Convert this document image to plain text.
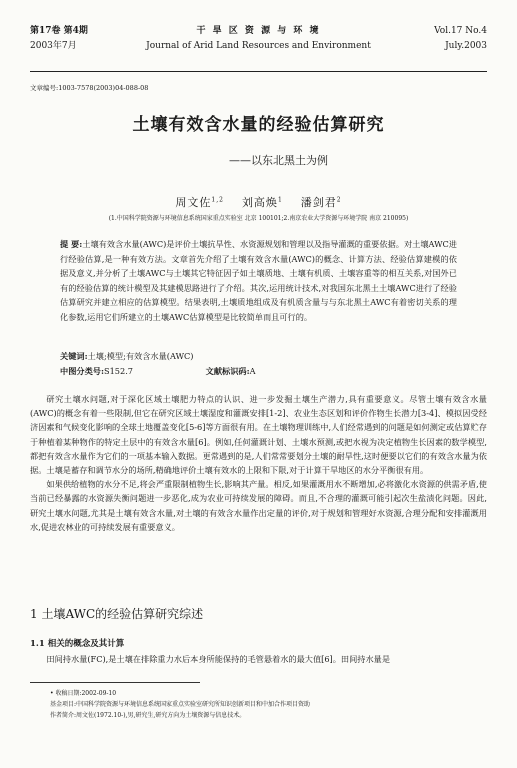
第17卷 第4期
2003年7月
干 旱 区 资 源 与 环 境
Journal of Arid Land Resources and Environment
Vol.17 No.4
July.2003
文章编号:1003-7578(2003)04-088-08
土壤有效含水量的经验估算研究
——以东北黑土为例
周文佐$^{1,2}$ 刘高焕$^1$ 潘剑君$^2$
(1.中国科学院资源与环境信息系统国家重点实验室 北京 100101;2.南京农业大学资源与环境学院 南京 210095)
提 要:土壤有效含水量(AWC)是评价土壤抗旱性、水资源规划和管理以及指导灌溉的重要依据。对土壤AWC进行经验估算,是一种有效方法。文章首先介绍了土壤有效含水量(AWC)的概念、计算方法、经验估算建模的依据及意义,并分析了土壤AWC与土壤其它特征因子如土壤质地、土壤有机质、土壤容重等的相互关系,对国外已有的经验估算的统计模型及其建模思路进行了介绍。其次,运用统计技术,对我国东北黑土土壤AWC进行了经验估算研究并建立相应的估算模型。结果表明,土壤质地组成及有机质含量与与东北黑土AWC有着密切关系的理化参数,运用它们所建立的土壤AWC估算模型是比较简单而且可行的。
关键词:土壤;模型;有效含水量(AWC)
中图分类号:S152.7	文献标识码:A

研究土壤水问题,对于深化区域土壤肥力特点的认识、进一步发掘土壤生产潜力,具有重要意义。尽管土壤有效含水量(AWC)的概念有着一些限制,但它在研究区域土壤湿度和灌溉安排[1-2]、农业生态区划和评价作物生长潜力[3-4]、模拟因受经济因素和气候变化影响的全球土地覆盖变化[5-6]等方面很有用。在土壤物理训练中,人们经常遇到的问题是如何测定或估算贮存于种植着某种物作的特定土层中的有效含水量[6]。例如,任何灌溉计划、土壤水预测,或把水视为决定植物生长因素的数学模型,都把有效含水量作为它们的一项基本输入数据。更常遇到的是,人们常常要划分土壤的耐旱性,这时便要以它们的有效含水量为依据。土壤是蓄存和调节水分的场所,精确地评价土壤有效水的上限和下限,对于计算干旱地区的水分平衡很有用。

如果供给植物的水分不足,将会严重限制植物生长,影响其产量。相反,如果灌溉用水不断增加,必将激化水资源的供需矛盾,使当前已经暴露的水资源失衡问题进一步恶化,成为农业可持续发展的障碍。而且,不合理的灌溉可能引起次生盐渍化问题。因此,研究土壤水问题,尤其是土壤有效含水量,对土壤的有效含水量作出定量的评价,对于规划和管理好水资源,合理分配和安排灌溉用水,促进农林业的可持续发展有重要意义。

1 土壤AWC的经验估算研究综述
1.1 相关的概念及其计算
田间持水量(FC),是土壤在排除重力水后本身所能保持的毛管悬着水的最大值[6]。田间持水量是
• 收稿日期:2002-09-10
基金项目:中国科学院资源与环境信息系统国家重点实验室研究所知识创新项目和中加合作项目资助
作者简介:周文佐(1972.10-),男,研究生,研究方向为土壤资源与信息技术。
